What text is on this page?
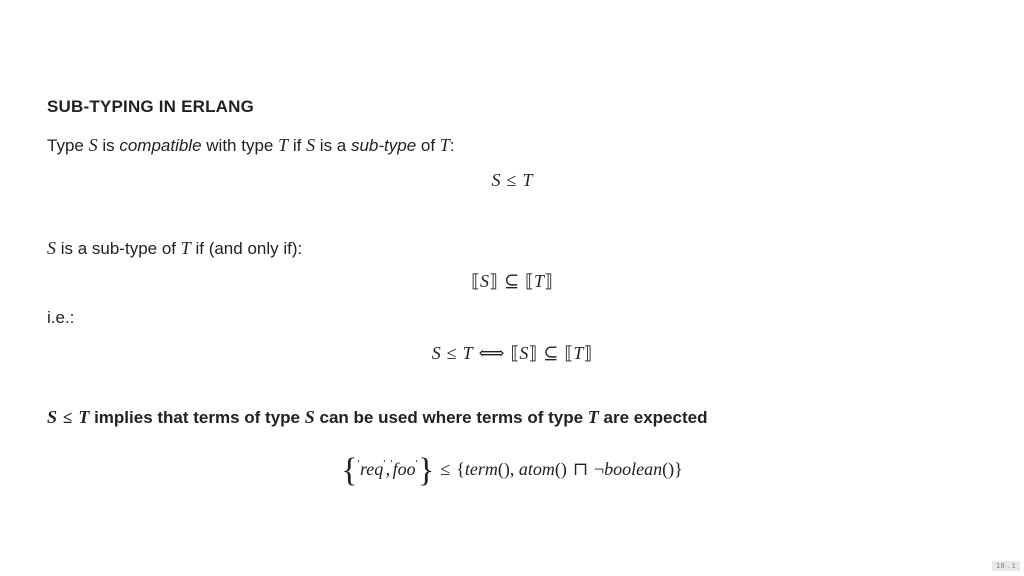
SUB-TYPING IN ERLANG
Type S is compatible with type T if S is a sub-type of T:
S ≤ T
S is a sub-type of T if (and only if):
⟦S⟧ ⊆ ⟦T⟧
i.e.:
S ≤ T ⟺ ⟦S⟧ ⊆ ⟦T⟧
S ≤ T implies that terms of type S can be used where terms of type T are expected
{′req′,′foo′} ≤ {term(), atom() ⊓ ¬boolean()}
18 . 1
